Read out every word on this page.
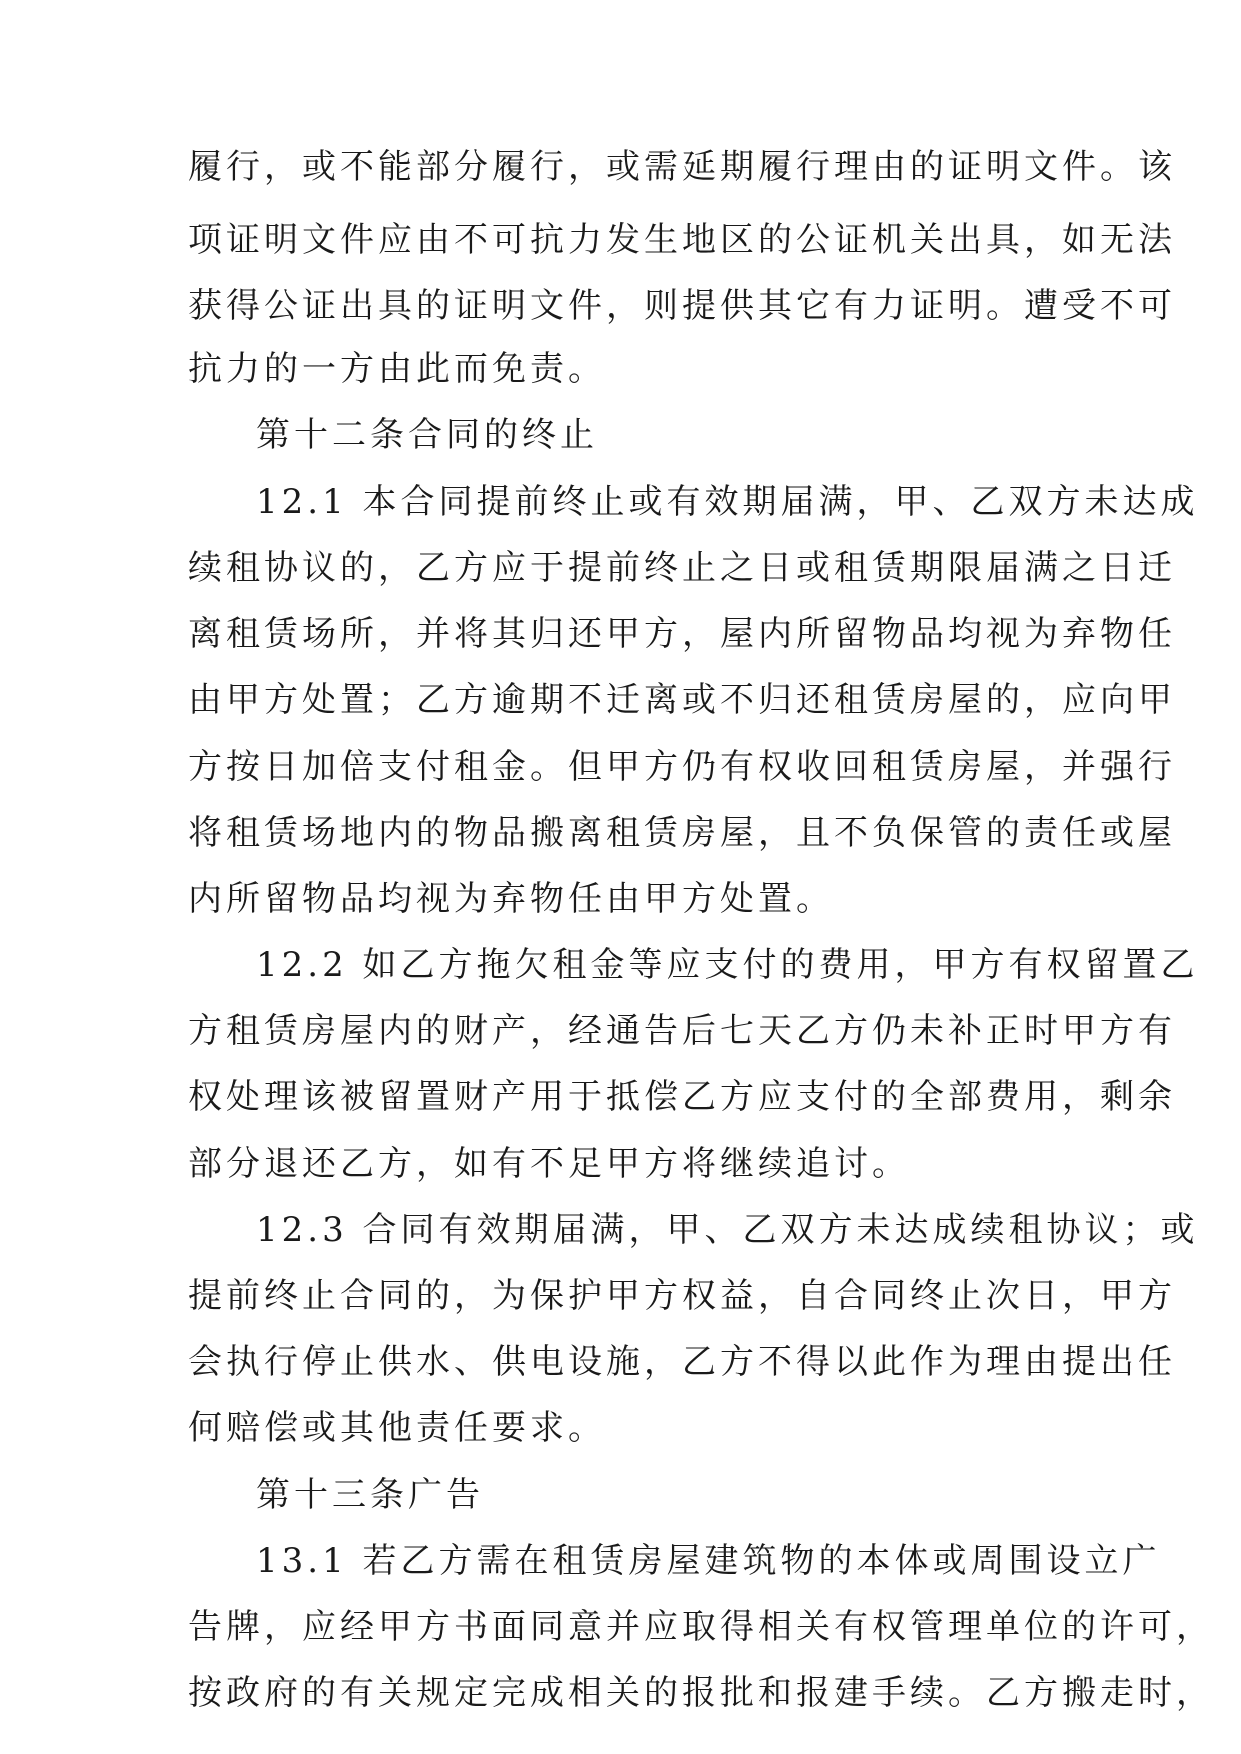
履行，或不能部分履行，或需延期履行理由的证明文件。该
项证明文件应由不可抗力发生地区的公证机关出具，如无法
获得公证出具的证明文件，则提供其它有力证明。遭受不可
抗力的一方由此而免责。
第十二条合同的终止
12.1 本合同提前终止或有效期届满，甲、乙双方未达成
续租协议的，乙方应于提前终止之日或租赁期限届满之日迁
离租赁场所，并将其归还甲方，屋内所留物品均视为弃物任
由甲方处置；乙方逾期不迁离或不归还租赁房屋的，应向甲
方按日加倍支付租金。但甲方仍有权收回租赁房屋，并强行
将租赁场地内的物品搬离租赁房屋，且不负保管的责任或屋
内所留物品均视为弃物任由甲方处置。
12.2 如乙方拖欠租金等应支付的费用，甲方有权留置乙
方租赁房屋内的财产，经通告后七天乙方仍未补正时甲方有
权处理该被留置财产用于抵偿乙方应支付的全部费用，剩余
部分退还乙方，如有不足甲方将继续追讨。
12.3 合同有效期届满，甲、乙双方未达成续租协议；或
提前终止合同的，为保护甲方权益，自合同终止次日，甲方
会执行停止供水、供电设施，乙方不得以此作为理由提出任
何赔偿或其他责任要求。
第十三条广告
13.1 若乙方需在租赁房屋建筑物的本体或周围设立广
告牌，应经甲方书面同意并应取得相关有权管理单位的许可，
按政府的有关规定完成相关的报批和报建手续。乙方搬走时，
